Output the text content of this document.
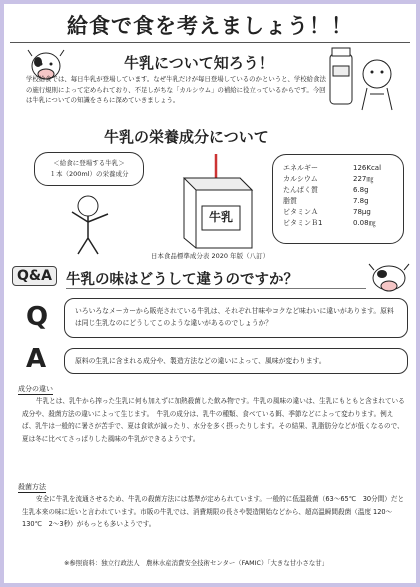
給食で食を考えましょう！！
牛乳について知ろう！
学校給食では、毎日牛乳が登場しています。なぜ牛乳だけが毎日登場しているのかというと、学校給食法の施行規則によって定められており、不足しがちな「カルシウム」の補給に役立っているからです。今回は牛乳についての知識をさらに深めていきましょう。
牛乳の栄養成分について
＜給食に登場する牛乳＞
１本（200ml）の栄養成分
牛乳
エネルギー	126Kcal
カルシウム	227㎎
たんぱく質	6.8g
脂質	7.8g
ビタミンＡ	78μg
ビタミンＢ1	0.08㎎
日本食品標準成分表 2020 年版（八訂）
Q&A 牛乳の味はどうして違うのですか？
Q	いろいろなメーカーから販売されている牛乳は、それぞれ甘味やコクなど味わいに違いがあります。原料は同じ生乳なのにどうしてこのような違いがあるのでしょうか？
A	原料の生乳に含まれる成分や、製造方法などの違いによって、風味が変わります。
成分の違い
牛乳とは、乳牛から搾った生乳に何も加えずに加熱殺菌した飲み物です。牛乳の風味の違いは、生乳にもともと含まれている成分や、殺菌方法の違いによって生じます。　牛乳の成分は、乳牛の種類、食べている餌、季節などによって変わります。例えば、乳牛は一般的に暑さが苦手で、夏は食欲が減ったり、水分を多く摂ったりします。その結果、乳脂肪分などが低くなるので、夏は冬に比べてさっぱりした風味の牛乳ができるようです。
殺菌方法
安全に牛乳を流通させるため、牛乳の殺菌方法には基準が定められています。一般的に低温殺菌（63～65℃　30分間）だと生乳本来の味に近いと言われています。市販の牛乳では、消費期限の長さや製造開始などから、超高温瞬間殺菌（温度 120～130℃　2～3秒）がもっとも多いようです。
※参照資料：独立行政法人　農林水産消費安全技術センター（FAMIC）「大きな甘小さな甘」
